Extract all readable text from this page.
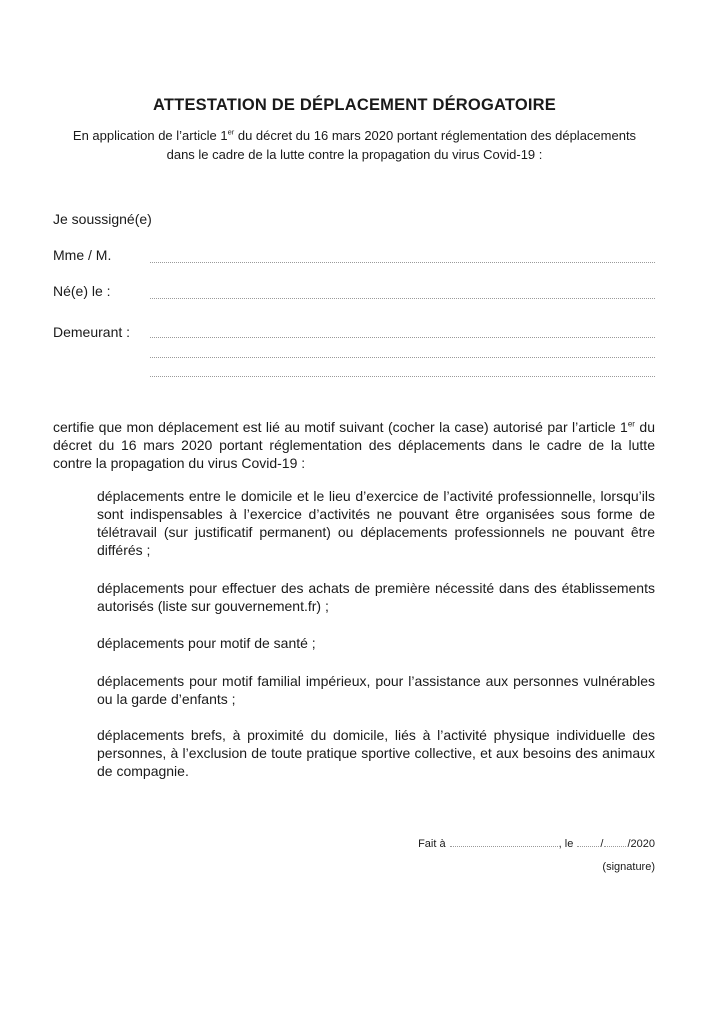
ATTESTATION DE DÉPLACEMENT DÉROGATOIRE
En application de l’article 1er du décret du 16 mars 2020 portant réglementation des déplacements dans le cadre de la lutte contre la propagation du virus Covid-19 :
Je soussigné(e)
Mme / M.
Né(e) le :
Demeurant :
certifie que mon déplacement est lié au motif suivant (cocher la case) autorisé par l’article 1er du décret du 16 mars 2020 portant réglementation des déplacements dans le cadre de la lutte contre la propagation du virus Covid-19 :
déplacements entre le domicile et le lieu d’exercice de l’activité professionnelle, lorsqu’ils sont indispensables à l’exercice d’activités ne pouvant être organisées sous forme de télétravail (sur justificatif permanent) ou déplacements professionnels ne pouvant être différés ;
déplacements pour effectuer des achats de première nécessité dans des établissements autorisés (liste sur gouvernement.fr) ;
déplacements pour motif de santé ;
déplacements pour motif familial impérieux, pour l’assistance aux personnes vulnérables ou la garde d’enfants ;
déplacements brefs, à proximité du domicile, liés à l’activité physique individuelle des personnes, à l’exclusion de toute pratique sportive collective, et aux besoins des animaux de compagnie.
Fait à	, le / /2020
(signature)
